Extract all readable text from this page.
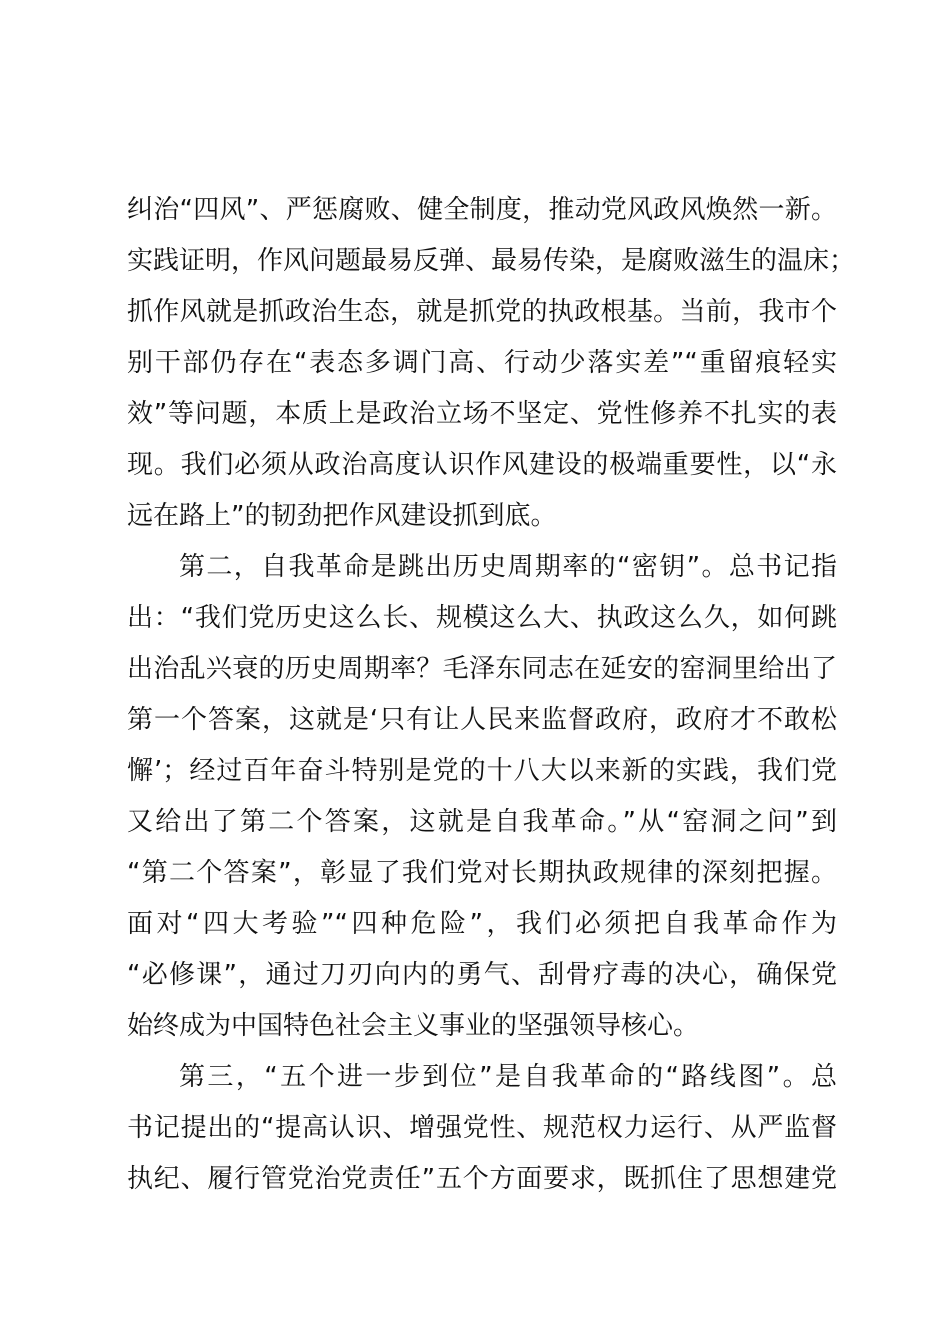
纠治“四风”、严惩腐败、健全制度，推动党风政风焕然一新。
实践证明，作风问题最易反弹、最易传染，是腐败滋生的温床；
抓作风就是抓政治生态，就是抓党的执政根基。当前，我市个
别干部仍存在“表态多调门高、行动少落实差”“重留痕轻实
效”等问题，本质上是政治立场不坚定、党性修养不扎实的表
现。我们必须从政治高度认识作风建设的极端重要性，以“永
远在路上”的韧劲把作风建设抓到底。
第二，自我革命是跳出历史周期率的“密钥”。总书记指
出：“我们党历史这么长、规模这么大、执政这么久，如何跳
出治乱兴衰的历史周期率？毛泽东同志在延安的窑洞里给出了
第一个答案，这就是‘只有让人民来监督政府，政府才不敢松
懈’；经过百年奋斗特别是党的十八大以来新的实践，我们党
又给出了第二个答案，这就是自我革命。”从“窑洞之问”到
“第二个答案”，彰显了我们党对长期执政规律的深刻把握。
面对“四大考验”“四种危险”，我们必须把自我革命作为
“必修课”，通过刀刃向内的勇气、刮骨疗毒的决心，确保党
始终成为中国特色社会主义事业的坚强领导核心。
第三，“五个进一步到位”是自我革命的“路线图”。总
书记提出的“提高认识、增强党性、规范权力运行、从严监督
执纪、履行管党治党责任”五个方面要求，既抓住了思想建党
